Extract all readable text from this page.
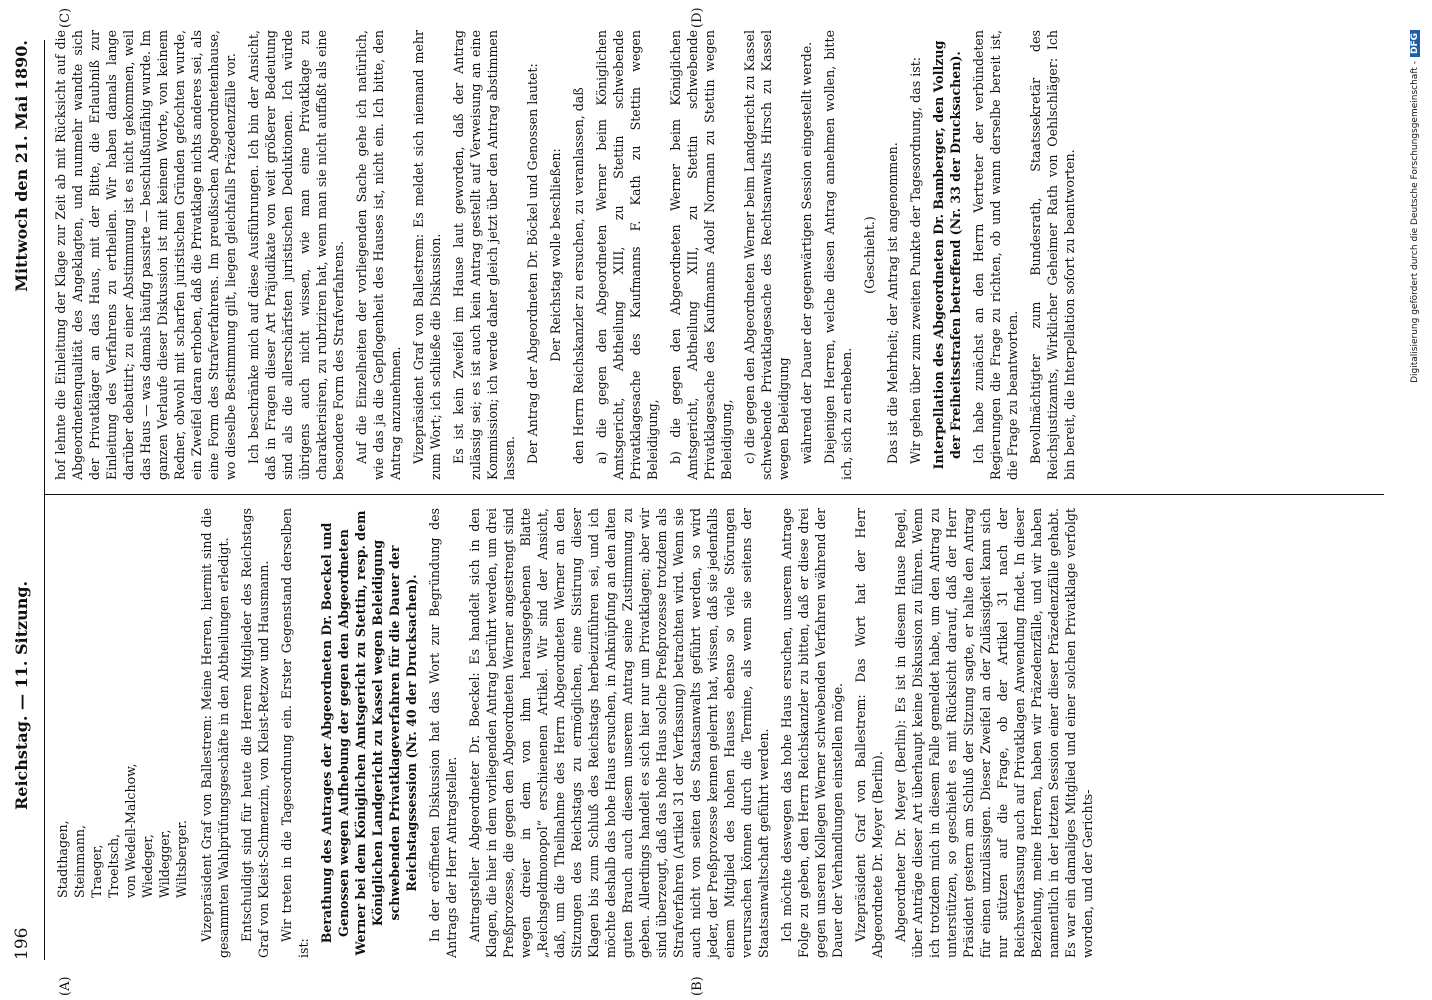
196
Reichstag. — 11. Sitzung.
Mittwoch den 21. Mai 1890.
(A)	(B)
(C)	(D)
Stadthagen, Steinmann, Traeger, Troeltsch, von Wedell-Malchow, Wiedeger, Wildegger, Wiltsberger. Vizepräsident Graf von Ballestrem: Meine Herren, hiermit sind die gesammten Wahlprüfungsgeschäfte in den Abtheilungen erledigt. Entschuldigt sind für heute die Herren Mitglieder des Reichstags Graf von Kleist-Schmenzin, von Kleist-Retzow und Hausmann. Wir treten in die Tagesordnung ein. Erster Gegenstand derselben ist:

Berathung des Antrages der Abgeordneten Dr. Boeckel und Genossen wegen Aufhebung der gegen den Abgeordneten Werner bei dem Königlichen Amtsgericht zu Stettin, resp. dem Königlichen Landgericht zu Kassel wegen Beleidigung schwebenden Privatklageverfahren für die Dauer der Reichstagssession (Nr. 40 der Drucksachen). In der eröffneten Diskussion hat das Wort zur Begründung des Antrags der Herr Antragsteller. Antragsteller Abgeordneter Dr. Boeckel: Es handelt sich in den Klagen, die hier in dem vorliegenden Antrag berührt werden, um drei Preßprozesse, die gegen den Abgeordneten Werner angestrengt sind wegen dreier in dem von ihm herausgegebenen Blatte „Reichsgeldmonopol“ erschienenen Artikel. Wir sind der Ansicht, daß, um die Theilnahme des Herrn Abgeordneten Werner an den Sitzungen des Reichstags zu ermöglichen, eine Sistirung dieser Klagen bis zum Schluß des Reichstags herbeizuführen sei, und ich möchte deshalb das hohe Haus ersuchen, in Anknüpfung an den alten guten Brauch auch diesem unserem Antrag seine Zustimmung zu geben. Allerdings handelt es sich hier nur um Privatklagen; aber wir sind überzeugt, daß das hohe Haus solche Preßprozesse trotzdem als Strafverfahren (Artikel 31 der Verfassung) betrachten wird. Wenn sie auch nicht von seiten des Staatsanwalts geführt werden, so wird jeder, der Preßprozesse kennen gelernt hat, wissen, daß sie jedenfalls einem Mitglied des hohen Hauses ebenso so viele Störungen verursachen können durch die Termine, als wenn sie seitens der Staatsanwaltschaft geführt werden. Ich möchte deswegen das hohe Haus ersuchen, unserem Antrage Folge zu geben, den Herrn Reichskanzler zu bitten, daß er diese drei gegen unseren Kollegen Werner schwebenden Verfahren während der Dauer der Verhandlungen einstellen möge. Vizepräsident Graf von Ballestrem: Das Wort hat der Herr Abgeordnete Dr. Meyer (Berlin). Abgeordneter Dr. Meyer (Berlin): Es ist in diesem Hause Regel, über Anträge dieser Art überhaupt keine Diskussion zu führen. Wenn ich trotzdem mich in diesem Falle gemeldet habe, um den Antrag zu unterstützen, so geschieht es mit Rücksicht darauf, daß der Herr Präsident gestern am Schluß der Sitzung sagte, er halte den Antrag für einen unzulässigen. Dieser Zweifel an der Zulässigkeit kann sich nur stützen auf die Frage, ob der Artikel 31 nach der Reichsverfassung auch auf Privatklagen Anwendung findet. In dieser Beziehung, meine Herren, haben wir Präzedenzfälle, und wir haben namentlich in der letzten Session einer dieser Präzedenzfälle gehabt. Es war ein damaliges Mitglied und einer solchen Privatklage verfolgt worden, und der Gerichts-

hof lehnte die Einleitung der Klage zur Zeit ab mit Rücksicht auf die Abgeordnetenqualität des Angeklagten, und nunmehr wandte sich der Privatkläger an das Haus, mit der Bitte, die Erlaubniß zur Einleitung des Verfahrens zu ertheilen. Wir haben damals lange darüber debattirt; zu einer Abstimmung ist es nicht gekommen, weil das Haus — was damals häufig passirte — beschlußunfähig wurde. Im ganzen Verlaufe dieser Diskussion ist mit keinem Worte, von keinem Redner, obwohl mit scharfen juristischen Gründen gefochten wurde, ein Zweifel daran erhoben, daß die Privatklage nichts anderes sei, als eine Form des Strafverfahrens. Im preußischen Abgeordnetenhause, wo dieselbe Bestimmung gilt, liegen gleichfalls Präzedenzfälle vor. Ich beschränke mich auf diese Ausführungen. Ich bin der Ansicht, daß in Fragen dieser Art Präjudikate von weit größerer Bedeutung sind als die allerschärfsten juristischen Deduktionen. Ich würde übrigens auch nicht wissen, wie man eine Privatklage zu charakterisiren, zu rubriziren hat, wenn man sie nicht auffaßt als eine besondere Form des Strafverfahrens. Auf die Einzelheiten der vorliegenden Sache gehe ich natürlich, wie das ja die Gepflogenheit des Hauses ist, nicht ein. Ich bitte, den Antrag anzunehmen. Vizepräsident Graf von Ballestrem: Es meldet sich niemand mehr zum Wort; ich schließe die Diskussion. Es ist kein Zweifel im Hause laut geworden, daß der Antrag zulässig sei; es ist auch kein Antrag gestellt auf Verweisung an eine Kommission; ich werde daher gleich jetzt über den Antrag abstimmen lassen. Der Antrag der Abgeordneten Dr. Böckel und Genossen lautet: Der Reichstag wolle beschließen: den Herrn Reichskanzler zu ersuchen, zu veranlassen, daß a) die gegen den Abgeordneten Werner beim Königlichen Amtsgericht, Abtheilung XIII, zu Stettin schwebende Privatklagesache des Kaufmanns F. Kath zu Stettin wegen Beleidigung, b) die gegen den Abgeordneten Werner beim Königlichen Amtsgericht, Abtheilung XIII, zu Stettin schwebende Privatklagesache des Kaufmanns Adolf Normann zu Stettin wegen Beleidigung, c) die gegen den Abgeordneten Werner beim Landgericht zu Kassel schwebende Privatklagesache des Rechtsanwalts Hirsch zu Kassel wegen Beleidigung während der Dauer der gegenwärtigen Session eingestellt werde. Diejenigen Herren, welche diesen Antrag annehmen wollen, bitte ich, sich zu erheben.

(Geschieht.) Das ist die Mehrheit; der Antrag ist angenommen. Wir gehen über zum zweiten Punkte der Tagesordnung, das ist: Interpellation des Abgeordneten Dr. Bamberger, den Vollzug der Freiheitsstrafen betreffend (Nr. 33 der Drucksachen). Ich habe zunächst an den Herrn Vertreter der verbündeten Regierungen die Frage zu richten, ob und wann derselbe bereit ist, die Frage zu beantworten. Bevollmächtigter zum Bundesrath, Staatssekretär des Reichsjustizamts, Wirklicher Geheimer Rath von Oehlschläger: Ich bin bereit, die Interpellation sofort zu beantworten.	Digitalisierung gefördert durch die Deutsche Forschungsgemeinschaft -DFG
